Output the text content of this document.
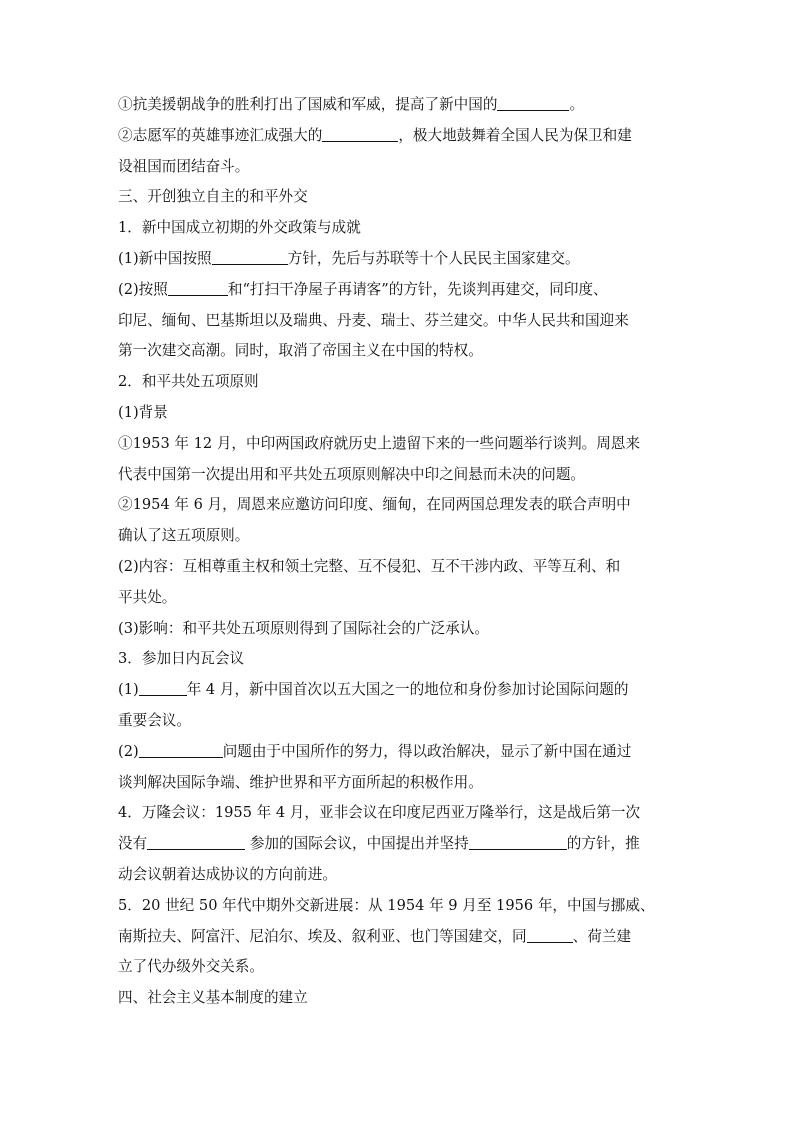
①抗美援朝战争的胜利打出了国威和军威，提高了新中国的	。
②志愿军的英雄事迹汇成强大的	，极大地鼓舞着全国人民为保卫和建
设祖国而团结奋斗。
三、开创独立自主的和平外交
1．新中国成立初期的外交政策与成就
(1)新中国按照	方针，先后与苏联等十个人民民主国家建交。
(2)按照	和“打扫干净屋子再请客”的方针，先谈判再建交，同印度、
印尼、缅甸、巴基斯坦以及瑞典、丹麦、瑞士、芬兰建交。中华人民共和国迎来
第一次建交高潮。同时，取消了帝国主义在中国的特权。
2．和平共处五项原则
(1)背景
①1953 年 12 月，中印两国政府就历史上遗留下来的一些问题举行谈判。周恩来
代表中国第一次提出用和平共处五项原则解决中印之间悬而未决的问题。
②1954 年 6 月，周恩来应邀访问印度、缅甸，在同两国总理发表的联合声明中
确认了这五项原则。
(2)内容：互相尊重主权和领土完整、互不侵犯、互不干涉内政、平等互利、和
平共处。
(3)影响：和平共处五项原则得到了国际社会的广泛承认。
3．参加日内瓦会议
(1)	年 4 月，新中国首次以五大国之一的地位和身份参加讨论国际问题的
重要会议。
(2)	问题由于中国所作的努力，得以政治解决，显示了新中国在通过
谈判解决国际争端、维护世界和平方面所起的积极作用。
4．万隆会议：1955 年 4 月，亚非会议在印度尼西亚万隆举行，这是战后第一次
没有	参加的国际会议，中国提出并坚持	的方针，推
动会议朝着达成协议的方向前进。
5．20 世纪 50 年代中期外交新进展：从 1954 年 9 月至 1956 年，中国与挪威、
南斯拉夫、阿富汗、尼泊尔、埃及、叙利亚、也门等国建交，同	、荷兰建
立了代办级外交关系。
四、社会主义基本制度的建立
